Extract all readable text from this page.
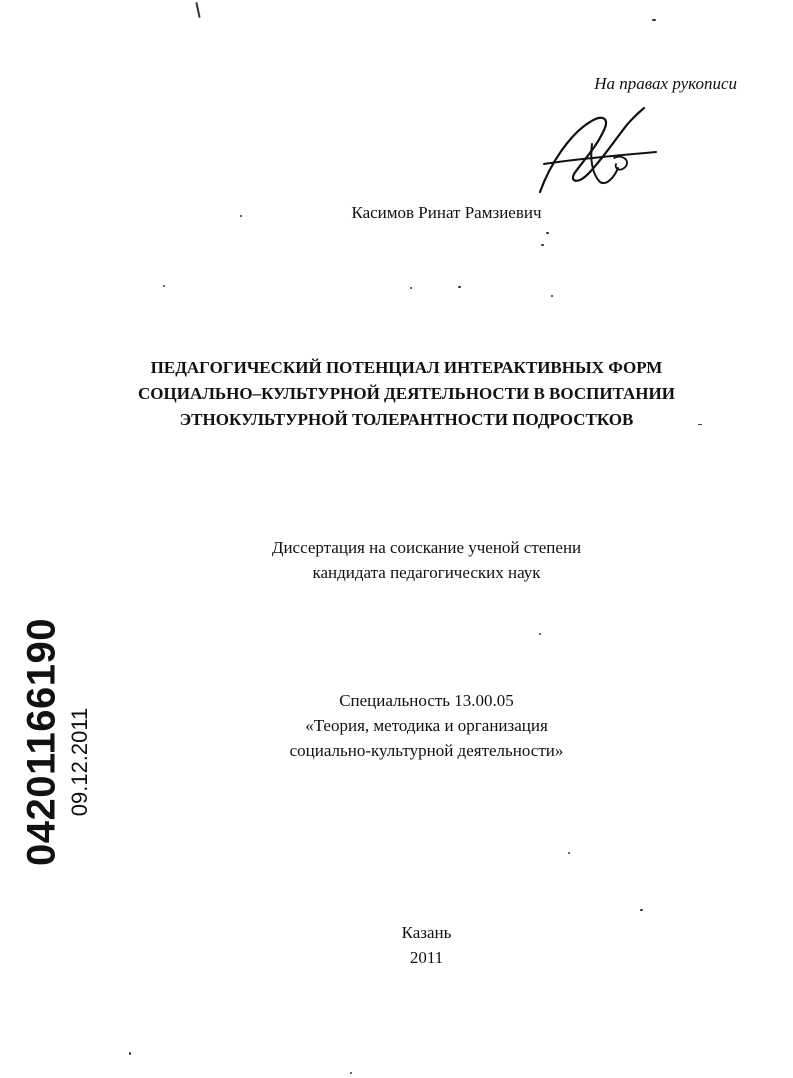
На правах рукописи
Касимов Ринат Рамзиевич
ПЕДАГОГИЧЕСКИЙ ПОТЕНЦИАЛ ИНТЕРАКТИВНЫХ ФОРМ
СОЦИАЛЬНО–КУЛЬТУРНОЙ ДЕЯТЕЛЬНОСТИ В ВОСПИТАНИИ
ЭТНОКУЛЬТУРНОЙ ТОЛЕРАНТНОСТИ ПОДРОСТКОВ
Диссертация на соискание ученой степени
кандидата педагогических наук
Специальность 13.00.05
«Теория, методика и организация
социально-культурной деятельности»
Казань
2011
04201166190 09.12.2011
